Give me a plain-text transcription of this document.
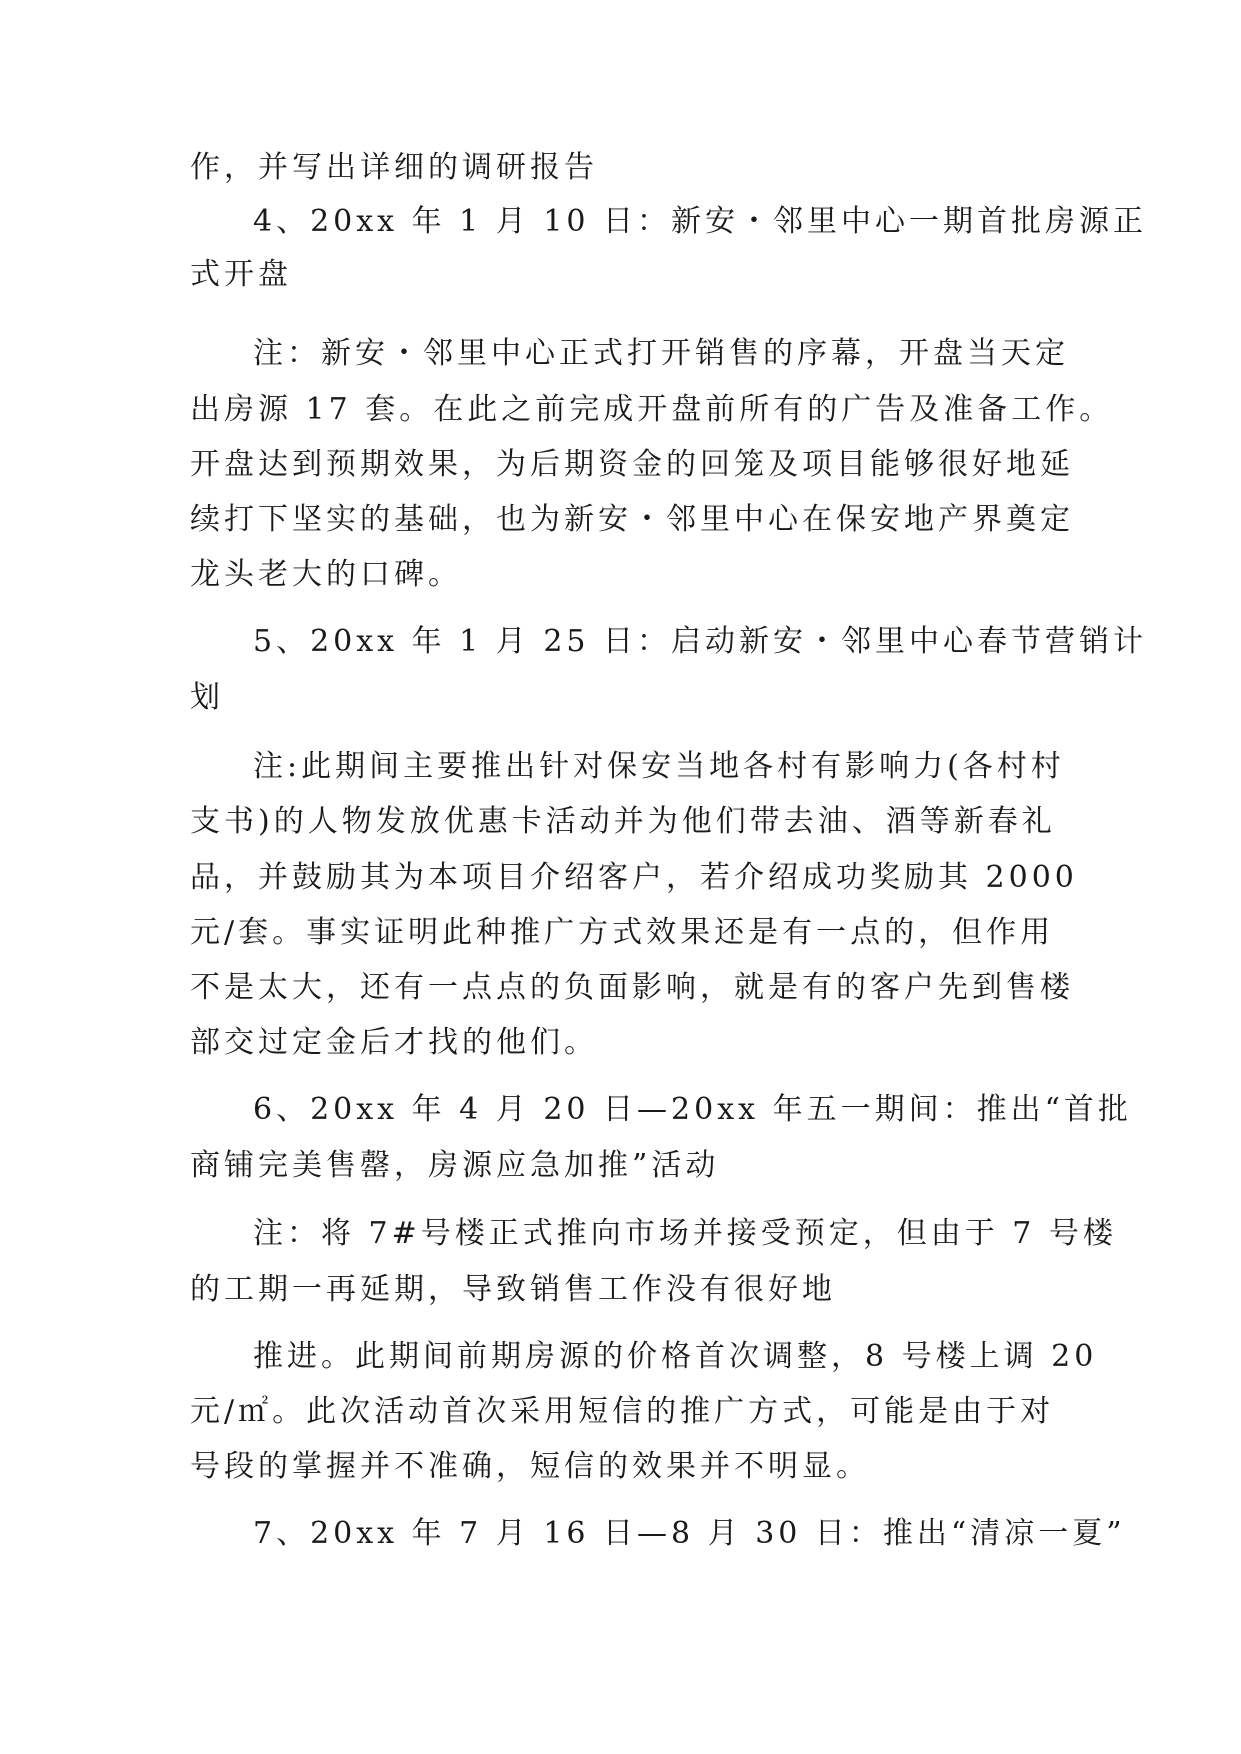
作，并写出详细的调研报告
4、20xx 年 1 月 10 日：新安・邻里中心一期首批房源正
式开盘
注：新安・邻里中心正式打开销售的序幕，开盘当天定
出房源 17 套。在此之前完成开盘前所有的广告及准备工作。
开盘达到预期效果，为后期资金的回笼及项目能够很好地延
续打下坚实的基础，也为新安・邻里中心在保安地产界奠定
龙头老大的口碑。
5、20xx 年 1 月 25 日：启动新安・邻里中心春节营销计
划
注:此期间主要推出针对保安当地各村有影响力(各村村
支书)的人物发放优惠卡活动并为他们带去油、酒等新春礼
品，并鼓励其为本项目介绍客户，若介绍成功奖励其 2000
元/套。事实证明此种推广方式效果还是有一点的，但作用
不是太大，还有一点点的负面影响，就是有的客户先到售楼
部交过定金后才找的他们。
6、20xx 年 4 月 20 日—20xx 年五一期间：推出“首批
商铺完美售罄，房源应急加推”活动
注：将 7#号楼正式推向市场并接受预定，但由于 7 号楼
的工期一再延期，导致销售工作没有很好地
推进。此期间前期房源的价格首次调整，8 号楼上调 20
元/㎡。此次活动首次采用短信的推广方式，可能是由于对
号段的掌握并不准确，短信的效果并不明显。
7、20xx 年 7 月 16 日—8 月 30 日：推出“清凉一夏”
